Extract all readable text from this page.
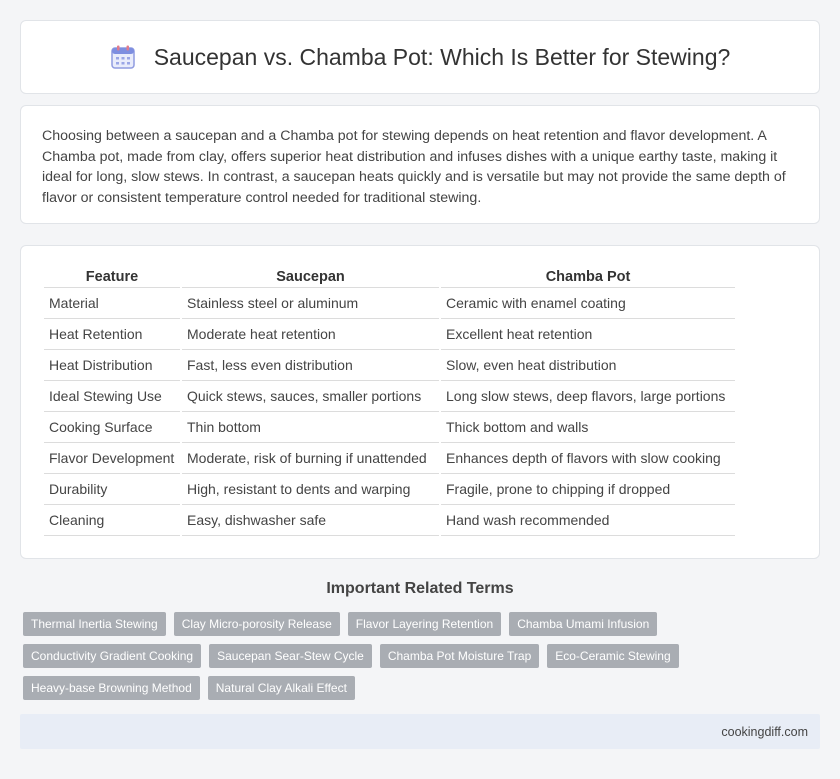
Saucepan vs. Chamba Pot: Which Is Better for Stewing?

Choosing between a saucepan and a Chamba pot for stewing depends on heat retention and flavor development. A Chamba pot, made from clay, offers superior heat distribution and infuses dishes with a unique earthy taste, making it ideal for long, slow stews. In contrast, a saucepan heats quickly and is versatile but may not provide the same depth of flavor or consistent temperature control needed for traditional stewing.

Feature	Saucepan	Chamba Pot
Material	Stainless steel or aluminum	Ceramic with enamel coating
Heat Retention	Moderate heat retention	Excellent heat retention
Heat Distribution	Fast, less even distribution	Slow, even heat distribution
Ideal Stewing Use	Quick stews, sauces, smaller portions	Long slow stews, deep flavors, large portions
Cooking Surface	Thin bottom	Thick bottom and walls
Flavor Development	Moderate, risk of burning if unattended	Enhances depth of flavors with slow cooking
Durability	High, resistant to dents and warping	Fragile, prone to chipping if dropped
Cleaning	Easy, dishwasher safe	Hand wash recommended
Important Related Terms
Thermal Inertia Stewing	Clay Micro-porosity Release	Flavor Layering Retention	Chamba Umami Infusion
Conductivity Gradient Cooking	Saucepan Sear-Stew Cycle	Chamba Pot Moisture Trap	Eco-Ceramic Stewing
Heavy-base Browning Method	Natural Clay Alkali Effect
cookingdiff.com
